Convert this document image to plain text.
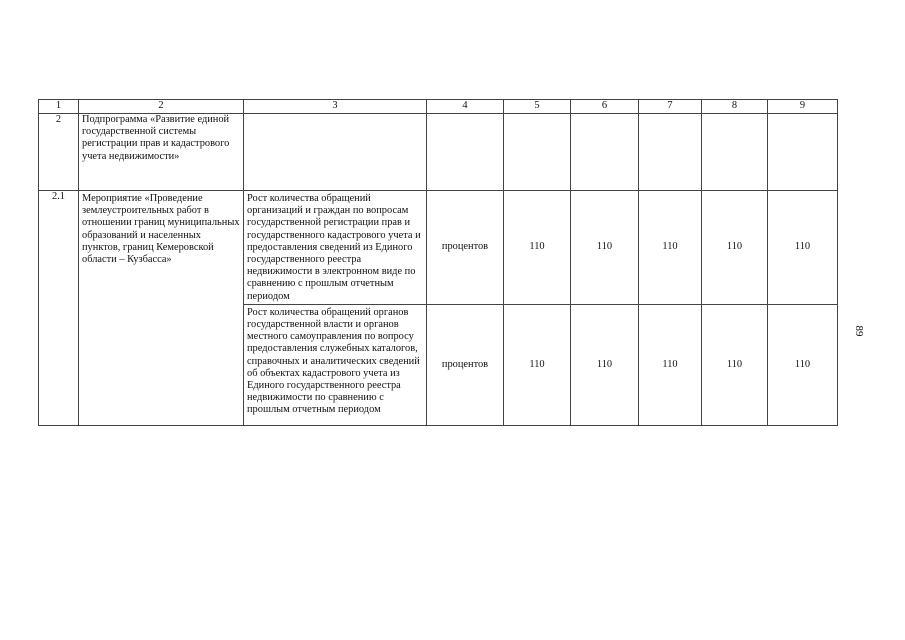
1	2	3	4	5	6	7	8	9
2	Подпрограмма «Развитие единой государственной системы регистрации прав и кадастрового учета недвижимости»							
2.1	Мероприятие «Проведение землеустроительных работ в отношении границ муниципальных образований и населенных пунктов, границ Кемеровской области – Кузбасса»	Рост количества обращений организаций и граждан по вопросам государственной регистрации прав и государственного кадастрового учета и предоставления сведений из Единого государственного реестра недвижимости в электронном виде по сравнению с прошлым отчетным периодом	процентов	110	110	110	110	110
		Рост количества обращений органов государственной власти и органов местного самоуправления по вопросу предоставления служебных каталогов, справочных и аналитических сведений об объектах кадастрового учета из Единого государственного реестра недвижимости по сравнению с прошлым отчетным периодом	процентов	110	110	110	110	110
89
